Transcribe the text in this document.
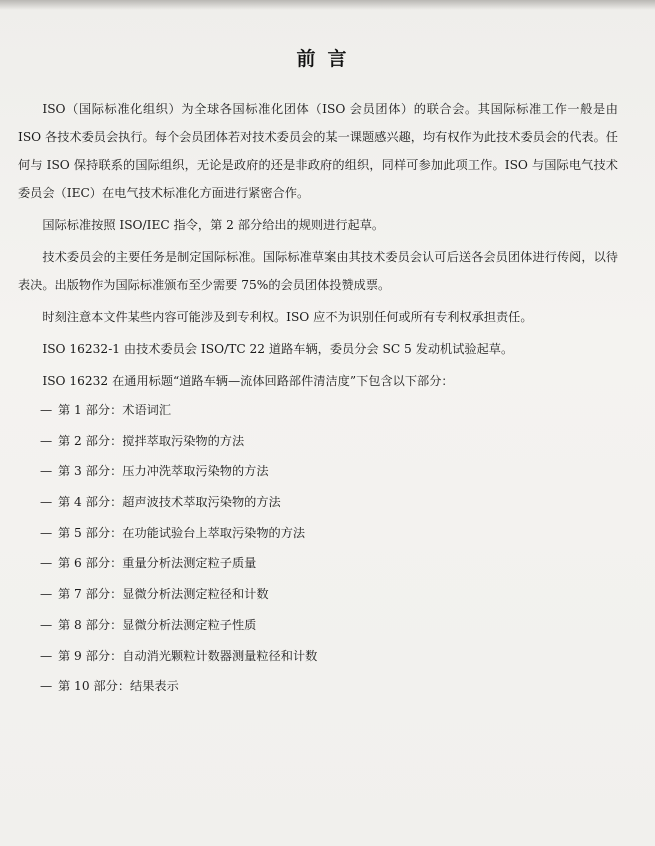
前言

ISO（国际标准化组织）为全球各国标准化团体（ISO 会员团体）的联合会。其国际标准工作一般是由 ISO 各技术委员会执行。每个会员团体若对技术委员会的某一课题感兴趣，均有权作为此技术委员会的代表。任何与 ISO 保持联系的国际组织，无论是政府的还是非政府的组织，同样可参加此项工作。ISO 与国际电气技术委员会（IEC）在电气技术标准化方面进行紧密合作。

国际标准按照 ISO/IEC 指令，第 2 部分给出的规则进行起草。

技术委员会的主要任务是制定国际标准。国际标准草案由其技术委员会认可后送各会员团体进行传阅，以待表决。出版物作为国际标准颁布至少需要 75%的会员团体投赞成票。

时刻注意本文件某些内容可能涉及到专利权。ISO 应不为识别任何或所有专利权承担责任。

ISO 16232-1 由技术委员会 ISO/TC 22 道路车辆，委员分会 SC 5 发动机试验起草。

ISO 16232 在通用标题“道路车辆—流体回路部件清洁度”下包含以下部分：

— 第 1 部分：术语词汇
— 第 2 部分：搅拌萃取污染物的方法
— 第 3 部分：压力冲洗萃取污染物的方法
— 第 4 部分：超声波技术萃取污染物的方法
— 第 5 部分：在功能试验台上萃取污染物的方法
— 第 6 部分：重量分析法测定粒子质量
— 第 7 部分：显微分析法测定粒径和计数
— 第 8 部分：显微分析法测定粒子性质
— 第 9 部分：自动消光颗粒计数器测量粒径和计数
— 第 10 部分：结果表示
